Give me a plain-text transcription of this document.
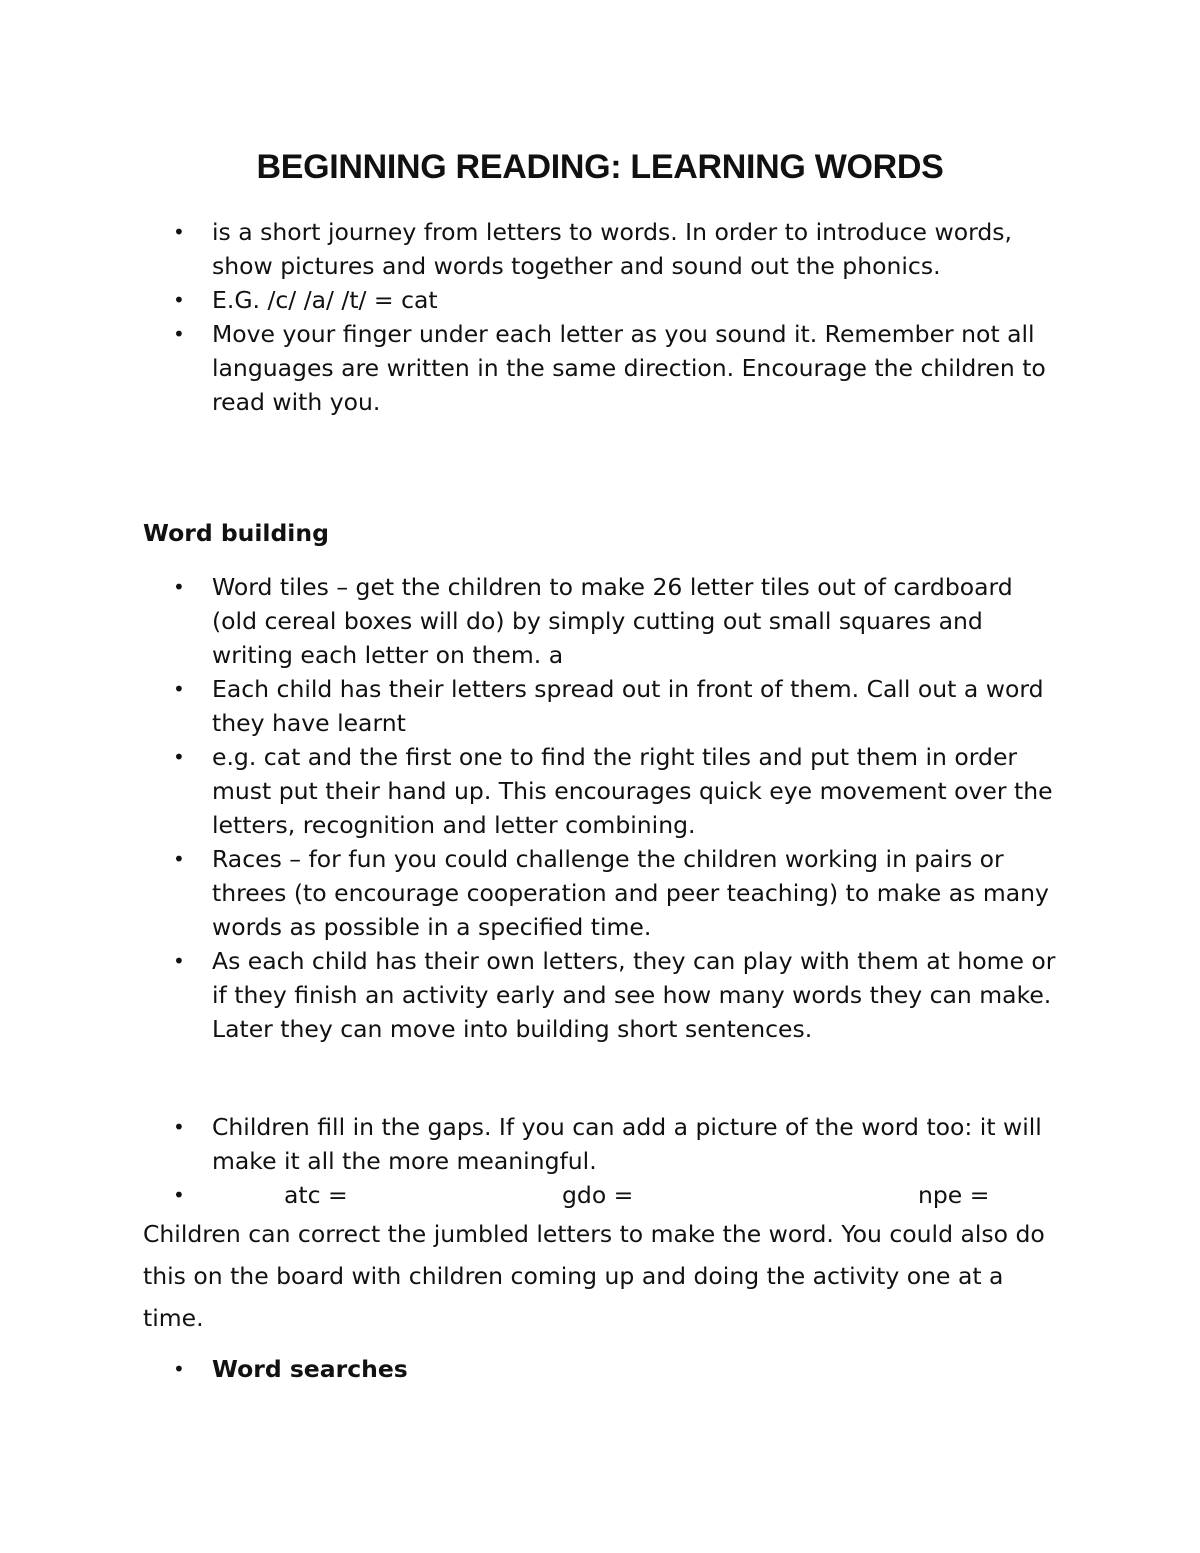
BEGINNING READING: LEARNING WORDS
• is a short journey from letters to words. In order to introduce words, show pictures and words together and sound out the phonics.
• E.G. /c/ /a/ /t/ = cat
• Move your finger under each letter as you sound it. Remember not all languages are written in the same direction. Encourage the children to read with you.
Word building
• Word tiles – get the children to make 26 letter tiles out of cardboard (old cereal boxes will do) by simply cutting out small squares and writing each letter on them. a
• Each child has their letters spread out in front of them. Call out a word they have learnt
• e.g. cat and the first one to find the right tiles and put them in order must put their hand up. This encourages quick eye movement over the letters, recognition and letter combining.
• Races – for fun you could challenge the children working in pairs or threes (to encourage cooperation and peer teaching) to make as many words as possible in a specified time.
• As each child has their own letters, they can play with them at home or if they finish an activity early and see how many words they can make. Later they can move into building short sentences.
• Children fill in the gaps. If you can add a picture of the word too: it will make it all the more meaningful.
•	atc =	gdo =	npe =

Children can correct the jumbled letters to make the word. You could also do this on the board with children coming up and doing the activity one at a time.

• Word searches
